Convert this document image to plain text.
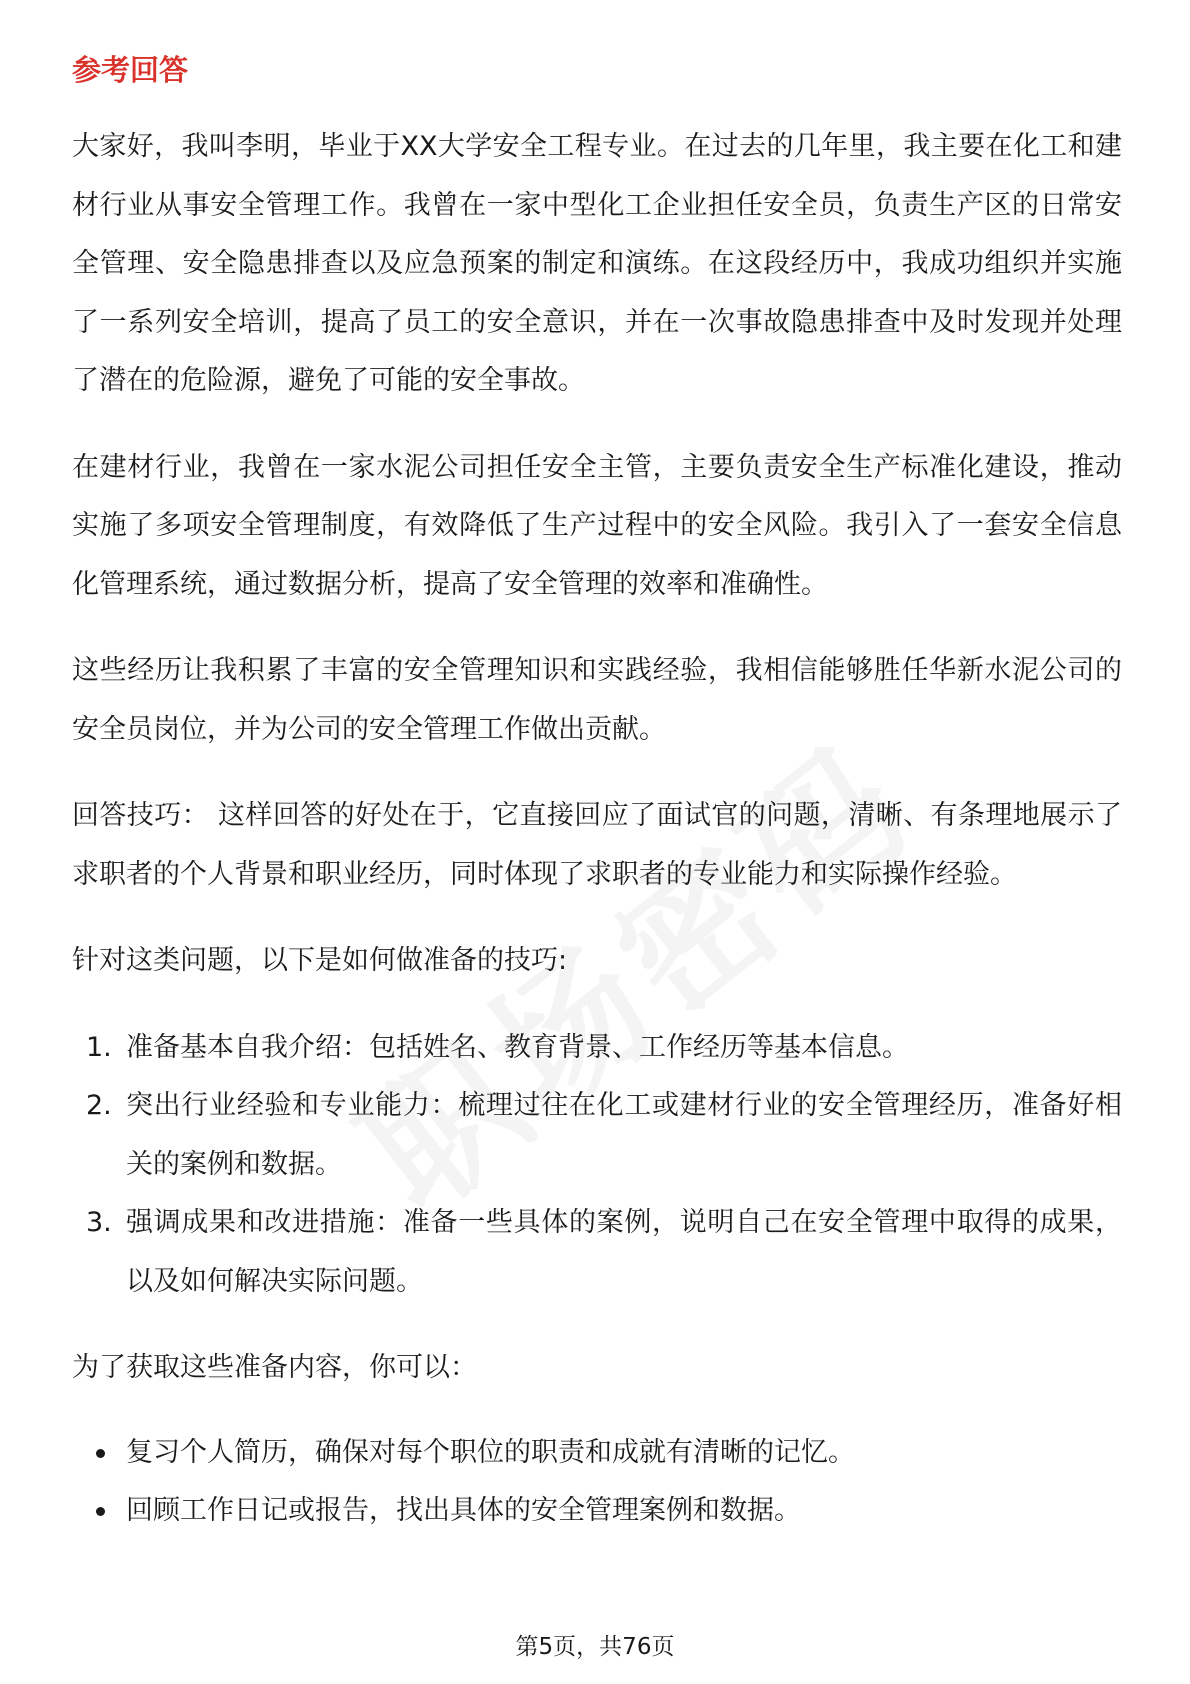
参考回答

大家好，我叫李明，毕业于XX大学安全工程专业。在过去的几年里，我主要在化工和建材行业从事安全管理工作。我曾在一家中型化工企业担任安全员，负责生产区的日常安全管理、安全隐患排查以及应急预案的制定和演练。在这段经历中，我成功组织并实施了一系列安全培训，提高了员工的安全意识，并在一次事故隐患排查中及时发现并处理了潜在的危险源，避免了可能的安全事故。

在建材行业，我曾在一家水泥公司担任安全主管，主要负责安全生产标准化建设，推动实施了多项安全管理制度，有效降低了生产过程中的安全风险。我引入了一套安全信息化管理系统，通过数据分析，提高了安全管理的效率和准确性。

这些经历让我积累了丰富的安全管理知识和实践经验，我相信能够胜任华新水泥公司的安全员岗位，并为公司的安全管理工作做出贡献。

回答技巧： 这样回答的好处在于，它直接回应了面试官的问题，清晰、有条理地展示了求职者的个人背景和职业经历，同时体现了求职者的专业能力和实际操作经验。

针对这类问题，以下是如何做准备的技巧:

1. 准备基本自我介绍：包括姓名、教育背景、工作经历等基本信息。
2. 突出行业经验和专业能力：梳理过往在化工或建材行业的安全管理经历，准备好相关的案例和数据。
3. 强调成果和改进措施：准备一些具体的案例，说明自己在安全管理中取得的成果，以及如何解决实际问题。

为了获取这些准备内容，你可以：

复习个人简历，确保对每个职位的职责和成就有清晰的记忆。
回顾工作日记或报告，找出具体的安全管理案例和数据。
第5页，共76页
